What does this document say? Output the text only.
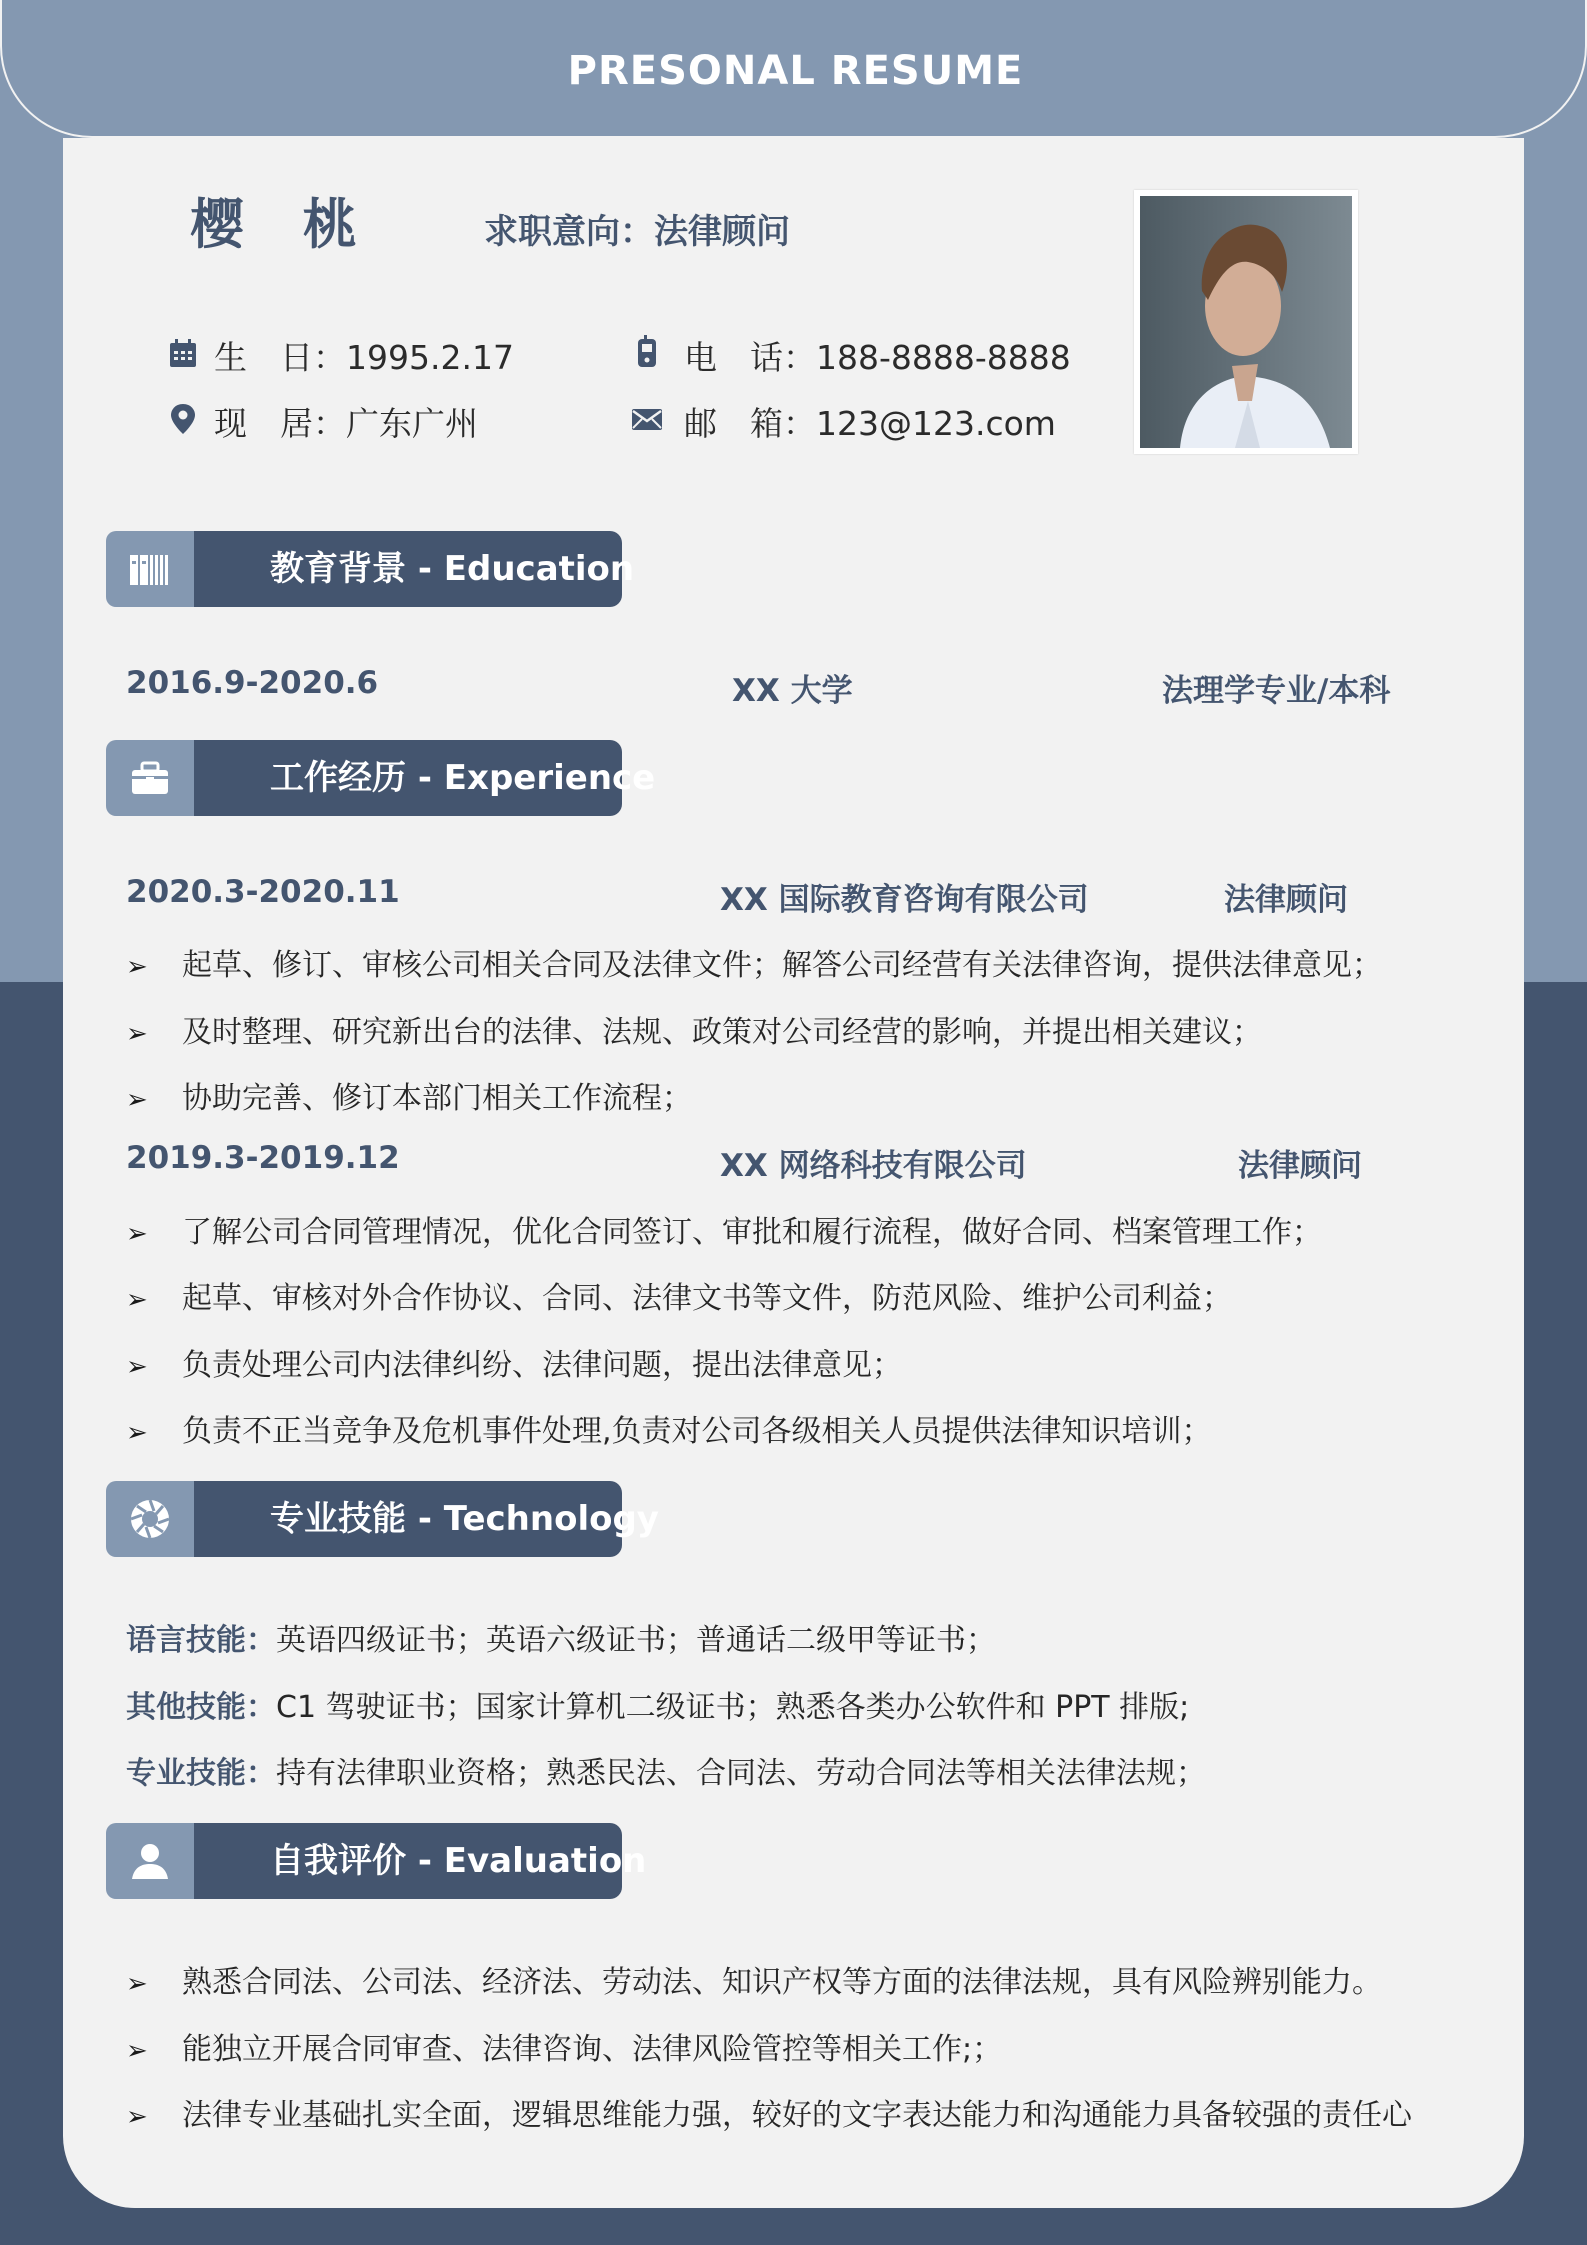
PRESONAL RESUME
樱 桃	求职意向：法律顾问
生　日：1995.2.17	电　话：188-8888-8888
现　居：广东广州	邮　箱：123@123.com
教育背景 - Education
2016.9-2020.6	XX 大学	法理学专业/本科
工作经历 - Experience
2020.3-2020.11	XX 国际教育咨询有限公司	法律顾问
➢ 起草、修订、审核公司相关合同及法律文件；解答公司经营有关法律咨询，提供法律意见；
➢ 及时整理、研究新出台的法律、法规、政策对公司经营的影响，并提出相关建议；
➢ 协助完善、修订本部门相关工作流程；
2019.3-2019.12	XX 网络科技有限公司	法律顾问
➢ 了解公司合同管理情况，优化合同签订、审批和履行流程，做好合同、档案管理工作；
➢ 起草、审核对外合作协议、合同、法律文书等文件，防范风险、维护公司利益；
➢ 负责处理公司内法律纠纷、法律问题，提出法律意见；
➢ 负责不正当竞争及危机事件处理,负责对公司各级相关人员提供法律知识培训；
专业技能 - Technology
语言技能：英语四级证书；英语六级证书；普通话二级甲等证书；
其他技能：C1 驾驶证书；国家计算机二级证书；熟悉各类办公软件和 PPT 排版;
专业技能：持有法律职业资格；熟悉民法、合同法、劳动合同法等相关法律法规；
自我评价 - Evaluation
➢ 熟悉合同法、公司法、经济法、劳动法、知识产权等方面的法律法规，具有风险辨别能力。
➢ 能独立开展合同审查、法律咨询、法律风险管控等相关工作;；
➢ 法律专业基础扎实全面，逻辑思维能力强，较好的文字表达能力和沟通能力具备较强的责任心
